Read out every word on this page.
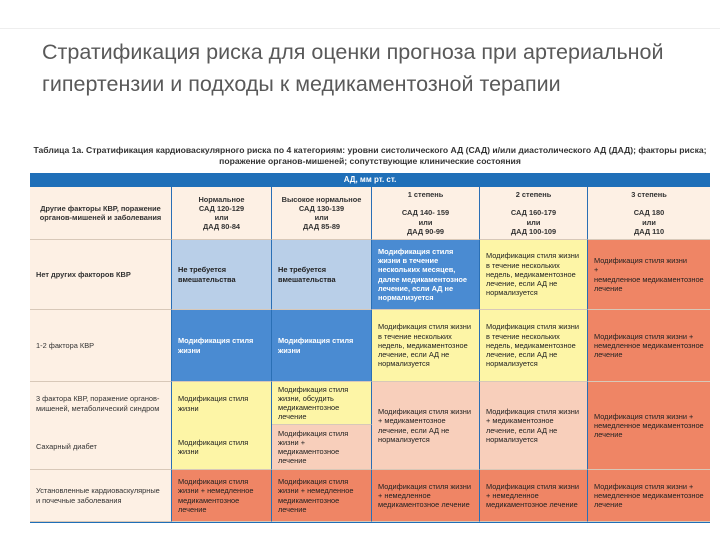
Стратификация риска для оценки прогноза при артериальной гипертензии и подходы к медикаментозной терапии
Таблица 1а. Стратификация кардиоваскулярного риска по 4 категориям: уровни систолического АД (САД) и/или диастолического АД (ДАД); факторы риска; поражение органов-мишеней; сопутствующие клинические состояния
АД, мм рт. ст.
Другие факторы КВР, поражение органов-мишеней и заболевания
Нормальное
САД 120-129
или
ДАД 80-84
Высокое нормальное
САД 130-139
или
ДАД 85-89
1 степень

САД 140- 159
или
ДАД 90-99
2 степень

САД 160-179
или
ДАД 100-109
3 степень

САД 180
или
ДАД 110
Нет других факторов КВР
Не требуется вмешательства
Не требуется вмешательства
Модификация стиля жизни в течение нескольких месяцев, далее медикаментозное лечение, если АД не нормализуется
Модификация стиля жизни в течение нескольких недель, медикаментозное лечение, если АД не нормализуется
Модификация стиля жизни
+
немедленное медикаментозное лечение
1-2 фактора КВР
Модификация стиля жизни
Модификация стиля жизни
Модификация стиля жизни в течение нескольких недель, медикаментозное лечение, если АД не нормализуется
Модификация стиля жизни в течение нескольких недель, медикаментозное лечение, если АД не нормализуется
Модификация стиля жизни + немедленное медикаментозное лечение
3 фактора КВР, поражение органов-мишеней, метаболический синдром
Модификация стиля жизни
Модификация стиля жизни, обсудить медикаментозное лечение
Модификация стиля жизни + медикаментозное лечение, если АД не нормализуется
Модификация стиля жизни + медикаментозное лечение, если АД не нормализуется
Модификация стиля жизни + немедленное медикаментозное лечение
Сахарный диабет
Модификация стиля жизни
Модификация стиля жизни + медикаментозное лечение
Установленные кардиоваскулярные и почечные заболевания
Модификация стиля жизни + немедленное медикаментозное лечение
Модификация стиля жизни + немедленное медикаментозное лечение
Модификация стиля жизни + немедленное медикаментозное лечение
Модификация стиля жизни + немедленное медикаментозное лечение
Модификация стиля жизни + немедленное медикаментозное лечение
